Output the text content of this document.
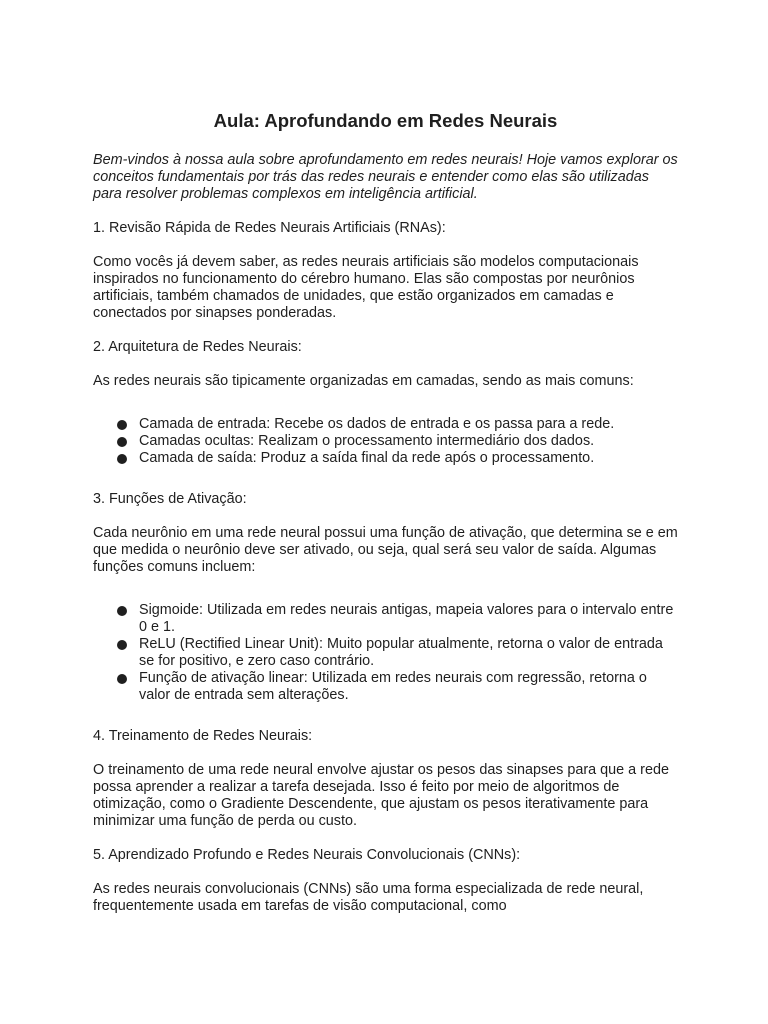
Aula: Aprofundando em Redes Neurais

Bem-vindos à nossa aula sobre aprofundamento em redes neurais! Hoje vamos explorar os conceitos fundamentais por trás das redes neurais e entender como elas são utilizadas para resolver problemas complexos em inteligência artificial.

1. Revisão Rápida de Redes Neurais Artificiais (RNAs):

Como vocês já devem saber, as redes neurais artificiais são modelos computacionais inspirados no funcionamento do cérebro humano. Elas são compostas por neurônios artificiais, também chamados de unidades, que estão organizados em camadas e conectados por sinapses ponderadas.

2. Arquitetura de Redes Neurais:

As redes neurais são tipicamente organizadas em camadas, sendo as mais comuns:

Camada de entrada: Recebe os dados de entrada e os passa para a rede.
Camadas ocultas: Realizam o processamento intermediário dos dados.
Camada de saída: Produz a saída final da rede após o processamento.

3. Funções de Ativação:

Cada neurônio em uma rede neural possui uma função de ativação, que determina se e em que medida o neurônio deve ser ativado, ou seja, qual será seu valor de saída. Algumas funções comuns incluem:

Sigmoide: Utilizada em redes neurais antigas, mapeia valores para o intervalo entre 0 e 1.
ReLU (Rectified Linear Unit): Muito popular atualmente, retorna o valor de entrada se for positivo, e zero caso contrário.
Função de ativação linear: Utilizada em redes neurais com regressão, retorna o valor de entrada sem alterações.

4. Treinamento de Redes Neurais:

O treinamento de uma rede neural envolve ajustar os pesos das sinapses para que a rede possa aprender a realizar a tarefa desejada. Isso é feito por meio de algoritmos de otimização, como o Gradiente Descendente, que ajustam os pesos iterativamente para minimizar uma função de perda ou custo.

5. Aprendizado Profundo e Redes Neurais Convolucionais (CNNs):

As redes neurais convolucionais (CNNs) são uma forma especializada de rede neural, frequentemente usada em tarefas de visão computacional, como
